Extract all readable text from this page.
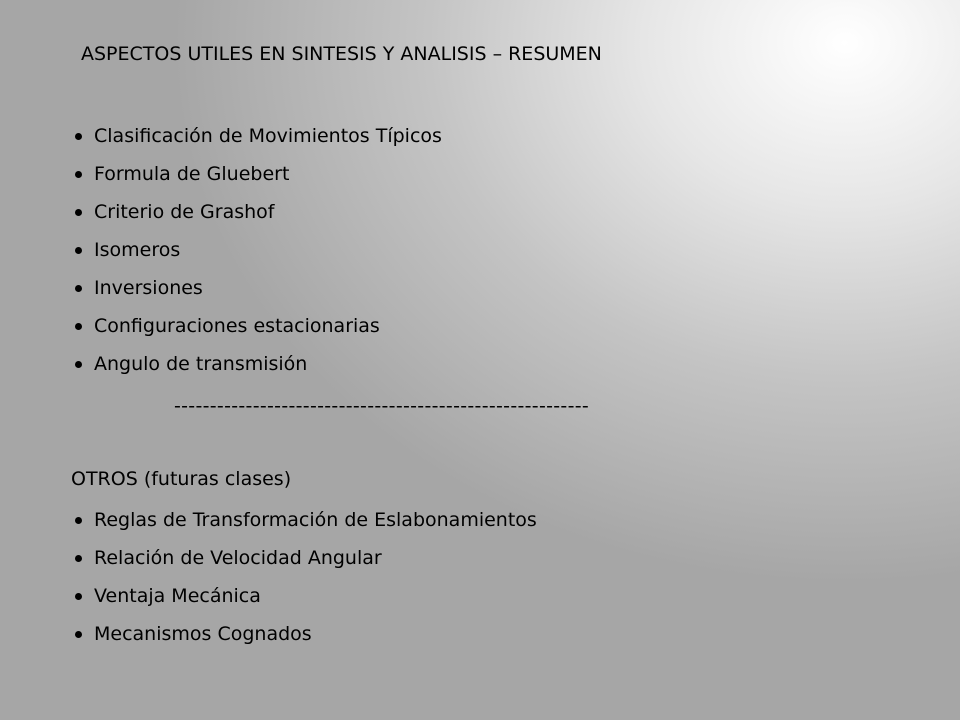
ASPECTOS UTILES EN SINTESIS Y ANALISIS – RESUMEN
Clasificación de Movimientos Típicos
Formula de Gluebert
Criterio de Grashof
Isomeros
Inversiones
Configuraciones estacionarias
Angulo de transmisión
----------------------------------------------------------
OTROS (futuras clases)
Reglas de Transformación de Eslabonamientos
Relación de Velocidad Angular
Ventaja Mecánica
Mecanismos Cognados
